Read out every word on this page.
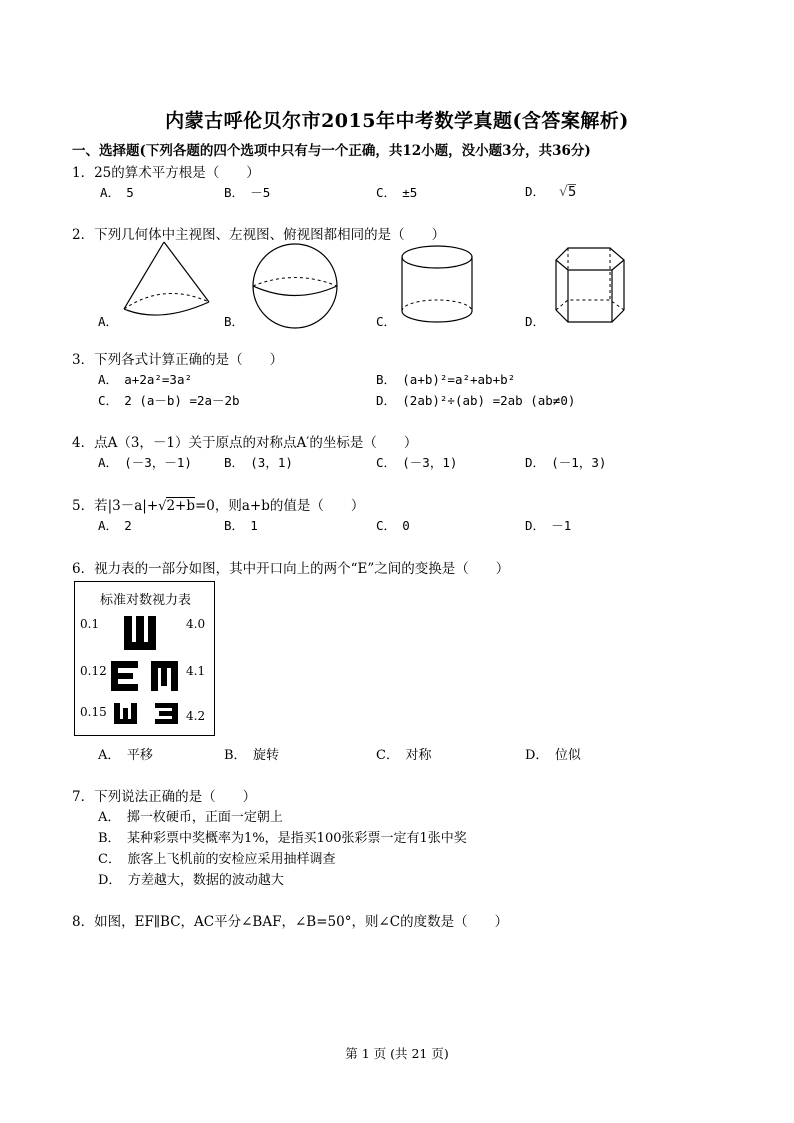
内蒙古呼伦贝尔市2015年中考数学真题(含答案解析)
一、选择题(下列各题的四个选项中只有与一个正确，共12小题，没小题3分，共36分)
1．25的算术平方根是（　　）
A．　5	B．　－5	C．　±5	D． √5
2．下列几何体中主视图、左视图、俯视图都相同的是（　　）
A．	B．	C．	D．
3．下列各式计算正确的是（　　）
A．　a+2a²=3a²	B．　(a+b)²=a²+ab+b²
C．　2 (a－b) =2a－2b	D．　(2ab)²÷(ab) =2ab (ab≠0)
4．点A（3，－1）关于原点的对称点A′的坐标是（　　）
A．　(－3，－1)	B．　(3，1)	C．　(－3，1)	D．　(－1，3)
5．若|3－a|+√2+b=0，则a+b的值是（　　）
A．　2	B．　1	C．　0	D．　－1
6．视力表的一部分如图，其中开口向上的两个“E”之间的变换是（　　）
标准对数视力表
0.1	4.0
0.12	4.1
0.15	4.2
A．　平移	B．　旋转	C．　对称	D．　位似
7．下列说法正确的是（　　）
A．　掷一枚硬币，正面一定朝上
B．　某种彩票中奖概率为1%，是指买100张彩票一定有1张中奖
C．　旅客上飞机前的安检应采用抽样调查
D．　方差越大，数据的波动越大
8．如图，EF∥BC，AC平分∠BAF，∠B=50°，则∠C的度数是（　　）
第 1 页 (共 21 页)
